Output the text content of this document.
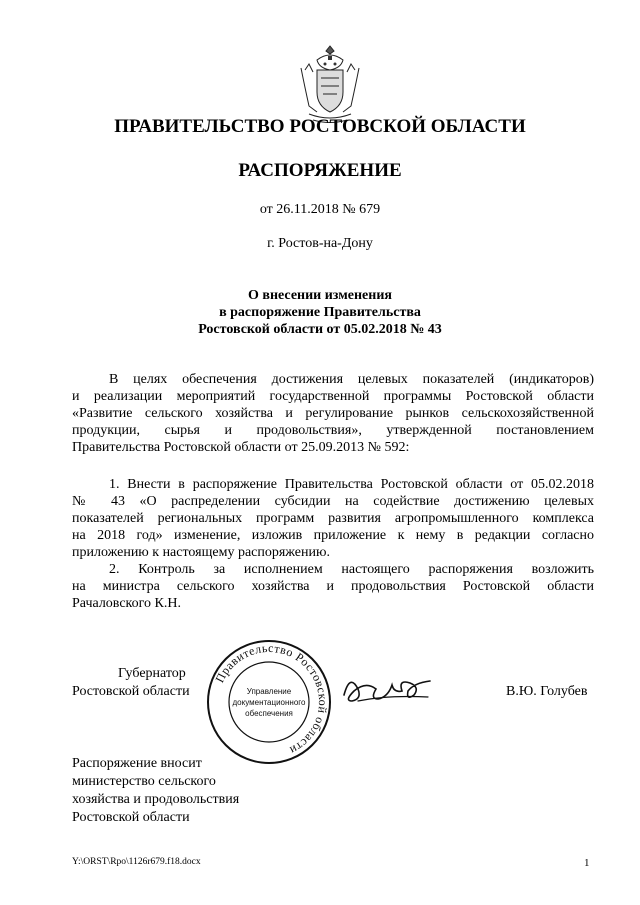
ПРАВИТЕЛЬСТВО РОСТОВСКОЙ ОБЛАСТИ
РАСПОРЯЖЕНИЕ
от 26.11.2018 № 679
г. Ростов-на-Дону
О внесении изменения
в распоряжение Правительства
Ростовской области от 05.02.2018 № 43
В целях обеспечения достижения целевых показателей (индикаторов)
и реализации мероприятий государственной программы Ростовской области
«Развитие сельского хозяйства и регулирование рынков сельскохозяйственной
продукции, сырья и продовольствия», утвержденной постановлением
Правительства Ростовской области от 25.09.2013 № 592:
1. Внести в распоряжение Правительства Ростовской области от 05.02.2018
№ 43 «О распределении субсидии на содействие достижению целевых
показателей региональных программ развития агропромышленного комплекса
на 2018 год» изменение, изложив приложение к нему в редакции согласно
приложению к настоящему распоряжению.
2. Контроль за исполнением настоящего распоряжения возложить
на министра сельского хозяйства и продовольствия Ростовской области
Рачаловского К.Н.
Губернатор
Ростовской области
Правительство Ростовской области
Управление
документационного
обеспечения
В.Ю. Голубев
Распоряжение вносит
министерство сельского
хозяйства и продовольствия
Ростовской области
Y:\ORST\Rpo\1126r679.f18.docx	1
